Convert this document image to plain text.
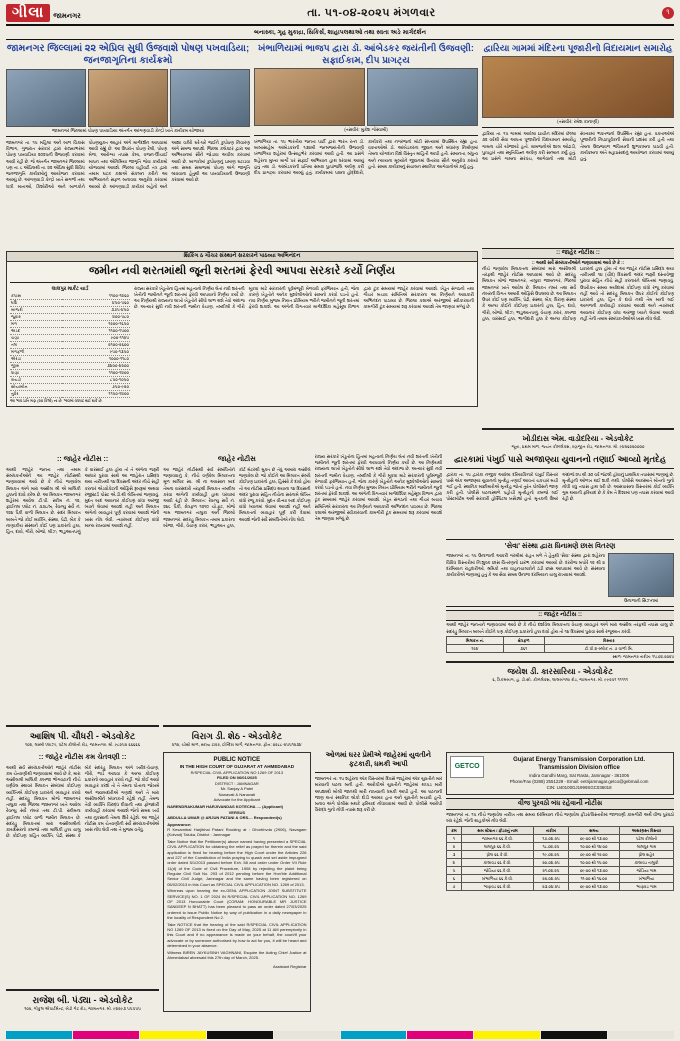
ગીલા	જામનગર	તા. ૫૧-૦૪-૨૦૨૫ મંગળવાર	૧
બનાસ્કા, ગૃહ મુકાદ્રા, સિકિર્સ, શાહાપલથાઓ તથા સ્વતા અઙે માર્ગદર્શન
જામનગર જિલ્લામાં ૨૨ એપ્રિલ સુધી ઉજવાશે પોષણ પખવાડિયા; જનજાગૃતિના કાર્યક્રમો
જામનગર જિલ્લામાં પોષણ પખવાડિયા અંતર્ગત આંગણવાડી કેન્દ્રો ખાતે કાર્યક્રમ યોજાયા
જામનગર તા. ૧૫ મહિલા અને બાળ વિકાસ વિભાગ, ગુજરાત સરકાર દ્વારા રાજ્યભરમાં પોષણ પખવાડિયા ૨૦૨૫ની ઉજવણી કરવામાં આવી રહી છે. જે અંતર્ગત જામનગર જિલ્લામાં પણ તા. ૮ એપ્રિલથી તા. ૨૨ એપ્રિલ સુધી વિવિધ જનજાગૃતિ કાર્યક્રમોનું આયોજન કરવામાં આવ્યું છે. આંગણવાડી કેન્દ્રો ખાતે સગર્ભા તથા ધાત્રી માતાઓ, કિશોરીઓ અને બાળકોને પોષણયુક્ત આહાર અંગે માર્ગદર્શન આપવામાં આવી રહ્યું છે. આ ઉપરાંત પોષણ રેલી, પોષણ મેળા, આરોગ્ય તપાસ કેમ્પ, વજન-ઊંચાઈ માપન તથા એનિમિયા જાગૃતિ જેવા કાર્યક્રમો યોજવામાં આવશે. જિલ્લા વહીવટી તંત્ર દ્વારા તમામ ઘટક કક્ષાએ સંકલન કરીને આ અભિયાનને સફળ બનાવવા અનુરોધ કરવામાં આવ્યો છે. આંગણવાડી કાર્યકર બહેનો અને આશા વર્કરો ઘરે-ઘરે જઈને કુપોષણ નિવારણ અંગે સમજ આપશે. જિલ્લા કલેક્ટર દ્વારા આ અભિયાનમાં સૌને જોડાવા અપીલ કરવામાં આવી છે. બાળકોમાં કુપોષણનું પ્રમાણ ઘટાડવા તથા સમગ્ર સમાજમાં પોષણ અંગે જાગૃતિ લાવવાના હેતુથી આ પખવાડિયાની ઉજવણી કરવામાં આવે છે.
ખંભાળિયામાં ભાજપ દ્વારા ડૉ. આંબેડકર જયંતીની ઉજવણી: સફાઈકામ, દીપ પ્રાગટ્ય
(તસવીર: મુકેશ ગોસ્વામી)
ખંભાળિયા તા. ૧૫ ભારતીય જનતા પાર્ટી દ્વારા ભારત રત્ન ડૉ. બાબાસાહેબ આંબેડકરની ૧૩૪મી જન્મજયંતીની ઉજવણી ખંભાળિયા શહેરમાં ઉત્સાહભેર કરવામાં આવી હતી. આ પ્રસંગે શહેરના મુખ્ય માર્ગો પર સફાઈ અભિયાન હાથ ધરવામાં આવ્યું હતું તથા ડૉ. આંબેડકરની પ્રતિમા સમક્ષ પુષ્પાંજલિ અર્પણ કરી દીપ પ્રાગટ્ય કરવામાં આવ્યું હતું. કાર્યક્રમમાં પક્ષના હોદ્દેદારો, કાર્યકરો તથા નગરજનો મોટી સંખ્યામાં ઉપસ્થિત રહ્યા હતા. વક્તાઓએ ડૉ. આંબેડકરના જીવન અને બંધારણ નિર્માણમાં તેમના યોગદાન વિશે વિસ્તૃત માહિતી આપી હતી. સમાનતા, બંધુત્વ અને ન્યાયના મૂલ્યોને જીવનમાં ઉતારવા સૌને અનુરોધ કરાયો હતો. સમગ્ર કાર્યક્રમનું સંચાલન સ્થાનિક આગેવાનોએ કર્યું હતું.
દ્વારિયા ગામમાં મંદિરના પૂજારીનો વિદાયમાન સમારોહ
(તસવીર: રમેશ કાનાણી)
દ્વારિયા તા. ૧૫ ગામમાં આવેલા પ્રાચીન મંદિરમાં છેલ્લા ૩૨ વર્ષથી સેવા આપતા પૂજારીનો વિદાયમાન સમારોહ ગામના ચોરે યોજાયો હતો. ગ્રામજનોએ શાલ ઓઢાડી, પુષ્પહાર તથા સ્મૃતિચિહ્ન અર્પણ કરી સન્માન કર્યું હતું. આ પ્રસંગે ગામના સરપંચ, આગેવાનો તથા મોટી સંખ્યામાં ભક્તજનો ઉપસ્થિત રહ્યા હતા. વક્તાઓએ પૂજારીની નિષ્ઠાપૂર્વકની સેવાની પ્રશંસા કરી હતી તથા તેમના ઉજ્જવળ ભવિષ્યની શુભકામના પાઠવી હતી. કાર્યક્રમના અંતે મહાપ્રસાદનું આયોજન કરવામાં આવ્યું હતું.
શિકિંગ ઠ ગૌચર સંસ્થાને સરકારને પાઠવ્યા અભિનંદન
જમીન નવી શરતમાંથી જૂની શરતમાં ફેરવી આપવા સરકારે કર્યો નિર્ણય
લાલપુર માર્કેટ યાર્ડ
કપાસ	૧૧૦૦-૧૪૬૦
ઘઉં	૪૫૦-૫૬૦
બાજરી	૩૭૫-૪૫૦
જુવાર	૪૦૦-૫૮૦
મગ	૧૨૦૦-૧૬૫૦
અડદ	૧૧૦૦-૧૫૦૦
ચણા	૯૦૦-૧૧૨૫
તલ	૨૧૦૦-૨૬૦૦
મગફળી	૯૫૦-૧૩૫૦
એરંડા	૧૦૦૦-૧૧૮૦
જીરું	૩૪૦૦-૪૨૦૦
ધાણા	૧૧૦૦-૧૪૦૦
રાયડો	૮૫૦-૧૦૫૦
સોયાબીન	૭૫૦-૯૨૦
તુવેર	૧૧૫૦-૧૪૦૦
આ ભાવ પ્રતિ મણ (૨૦ કિલો) ના છે. ભાવમાં વધઘટ થઈ શકે છે.
રાજ્ય સરકારે ખેડૂતોના હિતમાં મહત્વનો નિર્ણય લેતાં નવી શરતની ખેતીની જમીનને જૂની શરતમાં ફેરવી આપવાનો નિર્ણય કર્યો છે. આ નિર્ણયથી રાજ્યના લાખો ખેડૂતોને સીધો લાભ થશે તેવો અંદાજ છે. અત્યાર સુધી નવી શરતની જમીન વેચાણ, તબદીલી કે ગીરો મૂકવા માટે સરકારની પૂર્વમંજૂરી મેળવવી ફરજિયાત હતી, જેના કારણે ખેડૂતોને અનેક મુશ્કેલીઓનો સામનો કરવો પડતો હતો. નવા નિર્ણય મુજબ નિયત પ્રીમિયમ ભરીને જમીનને જૂની શરતમાં ફેરવી શકાશે. આ અંગેની વિગતવાર માર્ગદર્શિકા મહેસૂલ વિભાગ દ્વારા ટૂંક સમયમાં જાહેર કરવામાં આવશે. ખેડૂત સંગઠનો તથા ગૌચર બચાવ સમિતિએ સરકારના આ નિર્ણયને આવકારી અભિનંદન પાઠવ્યા છે. જિલ્લા કક્ષાએ અરજીઓ સ્વીકારવાની કામગીરી ટૂંક સમયમાં શરૂ કરવામાં આવશે તેમ જાણવા મળ્યું છે.
:: જાહેર નોટીસ ::
:: આથી સર્વે સંબંધકર્તાઓને જણાવવામાં આવે છે કે ::
નીચે જણાવેલ મિલકતના સંબંધમાં મારા અસીલશ્રી તરફથી જાહેર નોટીસ આપવામાં આવે છે. સદરહુ મિલકત મોજે જામનગર, તાલુકા જામનગર, જિલ્લો જામનગર ખાતે આવેલ છે. મિલકત નંબર તથા સર્વે નંબરની વિગત અમારી ઓફિસે ઉપલબ્ધ છે. આ મિલકત ઉપર કોઈ પણ વ્યક્તિ, પેઢી, સંસ્થા, બેંક, ધિરાણ સંસ્થા કે અન્ય કોઈને કોઈપણ પ્રકારનો હક્ક, હિત, દાવો, ગીરો, બોજો, લીઝ, ભાડુઆતપણું, વેચાણ કરાર, કબજા હક્ક, વારસાઈ હક્ક, ભાગીદારી હક્ક કે અન્ય કોઈપણ પ્રકારનો હક્ક હોય તો આ જાહેર નોટીસ પ્રસિદ્ધ થયા તારીખથી ૧૪ (ચૌદ) દિવસની અંદર જરૂરી દસ્તાવેજી પુરાવા સહિત નીચે સહી કરનારને લેખિતમાં જણાવવું. ઉપરોક્ત સમય મર્યાદામાં કોઈપણ વાંધો રજૂ કરવામાં નહીં આવે તો સદરહુ મિલકત ઉપર કોઈનો કોઈપણ પ્રકારનો હક્ક, હિત કે દાવો નથી તેમ માની લઈ આગળની કાર્યવાહી કરવામાં આવશે અને ત્યારબાદ આવનાર કોઈપણ વાંધા અરજી ધ્યાને લેવામાં આવશે નહીં તેની તમામ સંબંધકર્તાઓએ ખાસ નોંધ લેવી.
ખોડીદાસ એમ. વાડોદરિયા - એડવોકેટ
જૂના, પ્રથમ માળ, જયંત કોમ્પ્લેક્સ, રણજીત રોડ, જામનગર. મો. ૯૪૨૬૨૨૦૦૦૦
:: જાહેર નોટીસ ::
આથી જાહેર જનતા તથા તમામ સંબંધકર્તાઓને આ જાહેર નોટીસથી જણાવવામાં આવે છે કે નીચે જણાવેલ મિલકત અંગે મારા અસીલ શ્રી એ માલિકી હક્કનો દાવો કરેલ છે. આ મિલકત જામનગર શહેરમાં આવેલ ટી.પી. સ્કીમ નં. ૧૨, ફાઈનલ પ્લોટ નં. ૩૭૮/બ, રેવન્યુ સર્વે નં. ૧૨૪ પૈકી વાળી મિલકત છે. સદર મિલકત બાબતે જો કોઈ વ્યક્તિ, સંસ્થા, પેઢી, બેંક કે નાણાકીય સંસ્થાને કોઈ પણ પ્રકારનો હક્ક, હિત, દાવો, ગીરો, બોજો, લીઝ, ભાડુઆતપણું કે વારસાઈ હક્ક હોય તો તે અંગેના જરૂરી આધાર પુરાવા સાથે આ જાહેરાત પ્રસિદ્ધ થયા તારીખથી ૧૪ દિવસની અંદર નીચે સહી કરનાર એડવોકેટની ઓફિસે રૂબરૂમાં અથવા રજીસ્ટર્ડ પોસ્ટ એ.ડી.થી લેખિતમાં જણાવવું. મુદત બાદ આવનાર કોઈપણ વાંધા અરજી ધ્યાને લેવામાં આવશે નહીં અને મિલકત અંગેનો વ્યવહાર પૂર્ણ કરવામાં આવશે જેની ખાસ નોંધ લેવી. ત્યારબાદ કોઈપણ વાંધો માન્ય રાખવામાં આવશે નહીં.
આશિષ પી. ચૌધરી - એડવોકેટ
૧૦૪, લક્ષ્મી પ્લાઝા, પટેલ કોલોની રોડ, જામનગર. મો. ૯૮૨૫૨ ૬૬૬૬૬
જાહેર નોટીસ
આ જાહેર નોટીસથી સર્વે સંબંધિતોને જણાવવાનું કે, નીચે વર્ણવેલ મિલકતના મૂળ માલિક સ્વ. શ્રી ના અવસાન બાદ તેમના વારસદારો તરફથી મિલકત તબદીલ કરવા અંગેની કાર્યવાહી હાથ ધરવામાં આવી રહી છે. મિલકત: રેવન્યુ સર્વે નં. ૨૪૮ પૈકી, ક્ષેત્રફળ ૧૨૧૦ ચો.ફૂટ, મોજે ગામ જામનગર તાલુકા અને જિલ્લો જામનગર. સદરહુ મિલકત તમામ પ્રકારના બોજા, ગીરો, વેચાણ કરાર, ભાડુઆત હક્ક, કોર્ટ મેટરથી મુક્ત છે તેવું અમારા અસીલે જણાવેલ છે. જો કોઈને આ મિલકત સંબંધે કોઈપણ પ્રકારનો હક્ક, હિસ્સો કે દાવો હોય તો આ નોટીસ પ્રસિદ્ધ થયાના ૧૪ દિવસની અંદર પુરાવા સહિત નીચેના સરનામે લેખિત વાંધો રજૂ કરવો. મુદત વીત્યા બાદ કોઈપણ વાંધો ધ્યાનમાં લેવામાં આવશે નહીં અને મિલકતનો વ્યવહાર પૂર્ણ કરી દેવામાં આવશે જેની સર્વે સંબંધિતોએ નોંધ લેવી.
વિરાગ ડી. શેઠ - એડવોકેટ
૪૧૨, ચોથો માળ, સ્કાય ટાવર, ઈન્દિરા માર્ગ, જામનગર. ફોન: ૦૨૮૮-૨૫૫૧૨૩૪
રાજ્ય સરકારે ખેડૂતોના હિતમાં મહત્વનો નિર્ણય લેતાં નવી શરતની ખેતીની જમીનને જૂની શરતમાં ફેરવી આપવાનો નિર્ણય કર્યો છે. આ નિર્ણયથી રાજ્યના લાખો ખેડૂતોને સીધો લાભ થશે તેવો અંદાજ છે. અત્યાર સુધી નવી શરતની જમીન વેચાણ, તબદીલી કે ગીરો મૂકવા માટે સરકારની પૂર્વમંજૂરી મેળવવી ફરજિયાત હતી, જેના કારણે ખેડૂતોને અનેક મુશ્કેલીઓનો સામનો કરવો પડતો હતો. નવા નિર્ણય મુજબ નિયત પ્રીમિયમ ભરીને જમીનને જૂની શરતમાં ફેરવી શકાશે. આ અંગેની વિગતવાર માર્ગદર્શિકા મહેસૂલ વિભાગ દ્વારા ટૂંક સમયમાં જાહેર કરવામાં આવશે. ખેડૂત સંગઠનો તથા ગૌચર બચાવ સમિતિએ સરકારના આ નિર્ણયને આવકારી અભિનંદન પાઠવ્યા છે. જિલ્લા કક્ષાએ અરજીઓ સ્વીકારવાની કામગીરી ટૂંક સમયમાં શરૂ કરવામાં આવશે તેમ જાણવા મળ્યું છે.
દ્વારકામાં પંખુઈ પાસે અજાણ્યા યુવાનનો તણાઈ આવ્યો મૃતદેહ
દ્વારકા તા. ૧૫ દ્વારકા નજીક આવેલા દરિયાકિનારે પંખુઈ વિસ્તાર પાસે એક અજાણ્યા યુવાનનો મૃતદેહ તણાઈ આવતાં ચકચાર મચી ગઈ હતી. સ્થાનિક માછીમારોએ મૃતદેહ જોતાં તુરંત પોલીસને જાણ કરી હતી. પોલીસે ઘટનાસ્થળે પહોંચી મૃતદેહનો કબજો લઈ પોસ્ટમોર્ટમ અર્થે સરકારી હોસ્પિટલ ખસેડ્યો હતો. મૃતકની ઉંમર અંદાજે ૨૫ થી ૩૦ વર્ષ જેટલી હોવાનું પ્રાથમિક તપાસમાં જણાયું છે. મૃતદેહની ઓળખ થઈ શકી નથી. પોલીસે અકસ્માતે મોતનો ગુનો નોંધી વધુ તપાસ હાથ ધરી છે. આસપાસના વિસ્તારમાં કોઈ વ્યક્તિ ગુમ થયાની ફરિયાદ છે કે કેમ તે દિશામાં પણ તપાસ કરવામાં આવી રહી છે.
'સેવા' સંસ્થા દ્વારા ધિનામણે છાસ વિતરણ
જામનગર તા. ૧૫ ઉનાળાની આકરી ગરમીમાં રાહત મળે તે હેતુથી 'સેવા' સંસ્થા દ્વારા શહેરના વિવિધ વિસ્તારોમાં નિ:શુલ્ક છાસ વિતરણનો પ્રારંભ કરવામાં આવ્યો છે. દરરોજ બપોરે ૧૨ થી ૪ દરમિયાન રાહદારીઓ, શ્રમિકો તથા વાહનચાલકોને ઠંડી છાસ આપવામાં આવે છે. સંસ્થાના કાર્યકરોએ જણાવ્યું હતું કે આ સેવા સમગ્ર ઉનાળા દરમિયાન ચાલુ રાખવામાં આવશે.
ઉનાળાની સિઝનમાં
:: જાહેર નોટીસ ::
આથી જાહેર જનતાને જણાવવામાં આવે છે કે નીચે દર્શાવેલ મિલકતના વેચાણ વ્યવહાર અંગે મારા અસીલ તરફથી તપાસ ચાલુ છે. સદરહુ મિલકત બાબતે કોઈને પણ કોઈપણ પ્રકારનો હક્ક દાવો હોય તો ૧૪ દિવસમાં પુરાવા સાથે રજૂઆત કરવી.
મિલકત નં.	ક્ષેત્રફળ	વિસ્તાર
૧૨૪	૩૬૧	ટી.પી.૪-બ્લોક નં. ૭ વાળી મિ.
સ્થળ: જામનગર તારીખ: ૧૫-૦૪-૨૦૨૫
જયેશ ડી. કારસારિયા - એડવોકેટ
૬, ત્રિકમબાગ, હ. ડી.સી. કોમ્પ્લેક્સ, લાલબંગલા રોડ, જામનગર. મો. ૯૯૨૫૧ ૧૧૧૧૧
:: જાહેર નોટીસ કમ ચેતવણી ::
આથી સર્વે સંબંધકર્તાઓને જાહેર નોટીસ કમ ચેતવણીથી જણાવવામાં આવે છે કે, મારા અસીલશ્રી માલિકી કબજા ભોગવટાની નીચે વર્ણવેલ સ્થાવર મિલકત સંબંધમાં કોઈપણ વ્યક્તિએ કોઈપણ પ્રકારનો વ્યવહાર કરવો નહીં. સદરહુ મિલકત મોજે જામનગર તાલુકા તથા જિલ્લા જામનગર ખાતે આવેલ રેવન્યુ સર્વે નંબર તથા ટી.પી. સ્કીમના ફાઈનલ પ્લોટ વાળી જમીન મિલકત છે. સદરહુ મિલકતમાં મારા અસીલશ્રીનો કાયદેસરનો કબજો તથા માલિકી હક્ક ચાલુ છે. કોઈપણ ત્રાહિત વ્યક્તિ, પેઢી, સંસ્થા કે બેંકે સદરહુ મિલકત અંગે ખરીદ-વેચાણ, ગીરો, ભાડે આપવા કે અન્ય કોઈપણ પ્રકારનો વ્યવહાર કરવો નહીં. જો કોઈ આવો વ્યવહાર કરશે તો તે તેમના પોતાના જોખમે અને જવાબદારીએ ગણાશે અને તે મારા અસીલશ્રીને બંધનકર્તા રહેશે નહીં. તેમજ તેવી વ્યક્તિ વિરુદ્ધ દીવાની તથા ફોજદારી કાર્યવાહી કરવામાં આવશે જેનો સમગ્ર ખર્ચ તથા નુકસાની તેમના શિરે રહેશે. આ જાહેર નોટીસ કમ ચેતવણીની સર્વે સંબંધકર્તાઓએ ખાસ નોંધ લેવી તથા તે મુજબ વર્તવું.
રાજેશ બી. પંડ્યા - એડવોકેટ
૧૦૨, ગોકુલ એપાર્ટમેન્ટ, બેડી ગેટ રોડ, જામનગર. મો. ૯૪૨૯૩ ૫૫૫૫૫
PUBLIC NOTICE
IN THE HIGH COURT OF GUJARAT AT AHMEDABAD
R/SPECIAL CIVIL APPLICATION NO 1269 OF 2013
FILED ON 06/01/2025
DISTRICT : JAMNAGAR
Mr. Sanjay A Patel
Nanavati & Nanavati
Advocate for the Applicant
NARENDRAKUMAR HARJIVANDAS KOTECHA .... (Applicant)
VERSUS
ABDULLA UMAR @ ARJUN PATANI & ORS.... Respondent(s)
Appearance:
R Kesamitral Harjibhai Patani Rooding at : Dhorbhvda (2906), Navagam (Kotvad) Taluka, District : Jamnagar
Take Notice that the Petitioner(s) above named having presented a SPECIAL CIVIL APPLICATION for obtaining the relief as prayed for therein and the said application is fixed for hearing before the High Court under the Articles 226 and 227 of the Constitution of India praying to quash and set aside impugned order dated 5/1/2013 passed before Exh. 58 and order under Order VII Rule 11(d) of the Code of Civil Procedure, 1908 by rejecting the plaint being Regular Civil Suit No. 293 of 2012 pending before the Hon'ble Additional Senior Civil Judge, Jamnagar and the same having been registered on 05/02/2013 in this Court as SPECIAL CIVIL APPLICATION NO. 1269 of 2013.
Whereas upon hearing the ex-GENL APPLICATION JOINT SUBSTITUTE SERVICE(S) NO. 1 OF 2024 IN R/SPECIAL CIVIL APPLICATION NO. 1269 OF 2013 Honourable Court (CORAM: HONOURABLE MR JUSTICE SANDEEP N BHATT) has been pleased to pass an order dated 27/03/2025 ordered to issue Public Notice by way of publication in a daily newspaper in the locality of Respondent No 2.
Take NOTICE that the hearing of the said R/SPECIAL CIVIL APPLICATION NO 1269 OF 2013 is fixed on the Day of May, 2025 at 11 AM peremptorily in this Court and if no appearance is made on your behalf, the court/if your advocate or by someone authorised by how to act for you, it will be heard and determined in your absence.
Witness BIREN JAYKUSINH VAGHNANI, Esquire the Acting Chief Justice at Ahmedabad aforesaid this 27th day of March, 2025.
Assistant Registrar
ઓળમાં ઘરર પ્રેમીએ જાહેરમાં યુવતીને ફટકારી, ધમકી આપી
જામનગર તા. ૧૫ શહેરના એક વિસ્તારમાં દિવસે જાહેરમાં એક યુવતીને માર મારવાની ઘટના બની હતી. આરોપીએ યુવતીને જાહેરમાં થપ્પડ મારી અપશબ્દો બોલી જાનથી મારી નાખવાની ધમકી આપી હતી. આ ઘટનાની જાણ થતાં સ્થાનિક લોકો દોડી આવ્યા હતા અને યુવતીને બચાવી હતી. બનાવ અંગે પોલીસ મથકે ફરિયાદ નોંધાવવામાં આવી છે. પોલીસે આરોપી વિરુદ્ધ ગુનો નોંધી તપાસ શરૂ કરી છે.
GETCO
Gujarat Energy Transmission Corporation Ltd.
Transmission Division office
Indira Gandhi Marg, Sat Rasta, Jamnagar - 361006
Phone/Fax (0288) 2551229 - Email: eetrijamnagar.getco@gebmail.com
CIN: U40100GJ1999SGC036018
વીજ પુરવઠો બંધ રહેવાની નોટીસ
જામનગર તા. ૧૫ નીચે જણાવેલ તારીખ તથા સમય દરમિયાન નીચે જણાવેલ ફીડર/વિસ્તારોમાં જાળવણી કામગીરી અર્થે વીજ પુરવઠો બંધ રહેશે. જેની ગ્રાહકોએ નોંધ લેવી.
ક્રમ	સબ સ્ટેશન / ફીડરનું નામ	તારીખ	સમય	અસરગ્રસ્ત વિસ્તાર
૧	જામનગર ૬૬ કે.વી.	૧૭-૦૪-૨૫	૦૯:૦૦ થી ૧૩:૦૦	પટેલ કોલોની
૨	લાલપુર ૬૬ કે.વી.	૧૮-૦૪-૨૫	૧૦:૦૦ થી ૧૪:૦૦	લાલપુર ગામ
૩	ધ્રોલ ૬૬ કે.વી.	૧૯-૦૪-૨૫	૦૯:૦૦ થી ૧૨:૦૦	ધ્રોલ શહેર
૪	કાલાવડ ૬૬ કે.વી.	૨૦-૦૪-૨૫	૧૦:૦૦ થી ૧૫:૦૦	કાલાવડ તાલુકો
૫	જોડિયા ૬૬ કે.વી.	૨૧-૦૪-૨૫	૦૯:૦૦ થી ૧૩:૦૦	જોડિયા ગામ
૬	ખંભાળિયા ૬૬ કે.વી.	૨૨-૦૪-૨૫	૧૧:૦૦ થી ૧૬:૦૦	ખંભાળિયા
૭	ભાણવડ ૬૬ કે.વી.	૨૩-૦૪-૨૫	૦૯:૦૦ થી ૧૩:૦૦	ભાણવડ ગામ
